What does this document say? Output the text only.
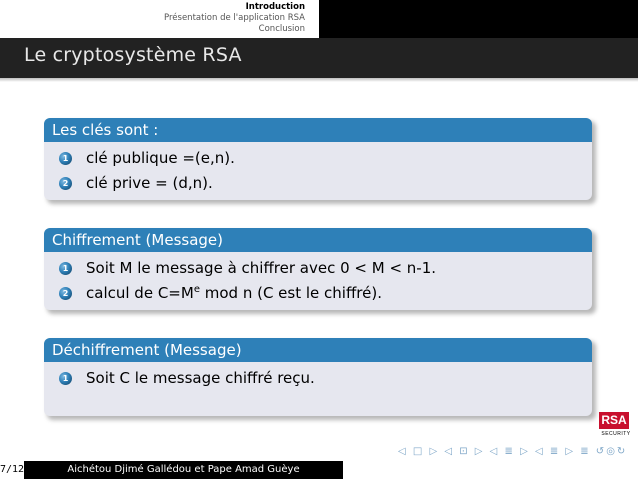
Introduction
Présentation de l'application RSA
Conclusion
Le cryptosystème RSA
Les clés sont :
1 clé publique =(e,n).
2 clé prive = (d,n).
Chiffrement (Message)
1 Soit M le message à chiffrer avec 0 < M < n-1.
2 calcul de $C=M^e$ mod n (C est le chiffré).
Déchiffrement (Message)
1 Soit C le message chiffré reçu.
RSA
SECURITY
◁ □ ▷ ◁ ⊡ ▷ ◁ ≣ ▷ ◁ ≣ ▷ ≣ ↺◎↻
7/12	Aichétou Djimé Gallédou et Pape Amad Guèye
